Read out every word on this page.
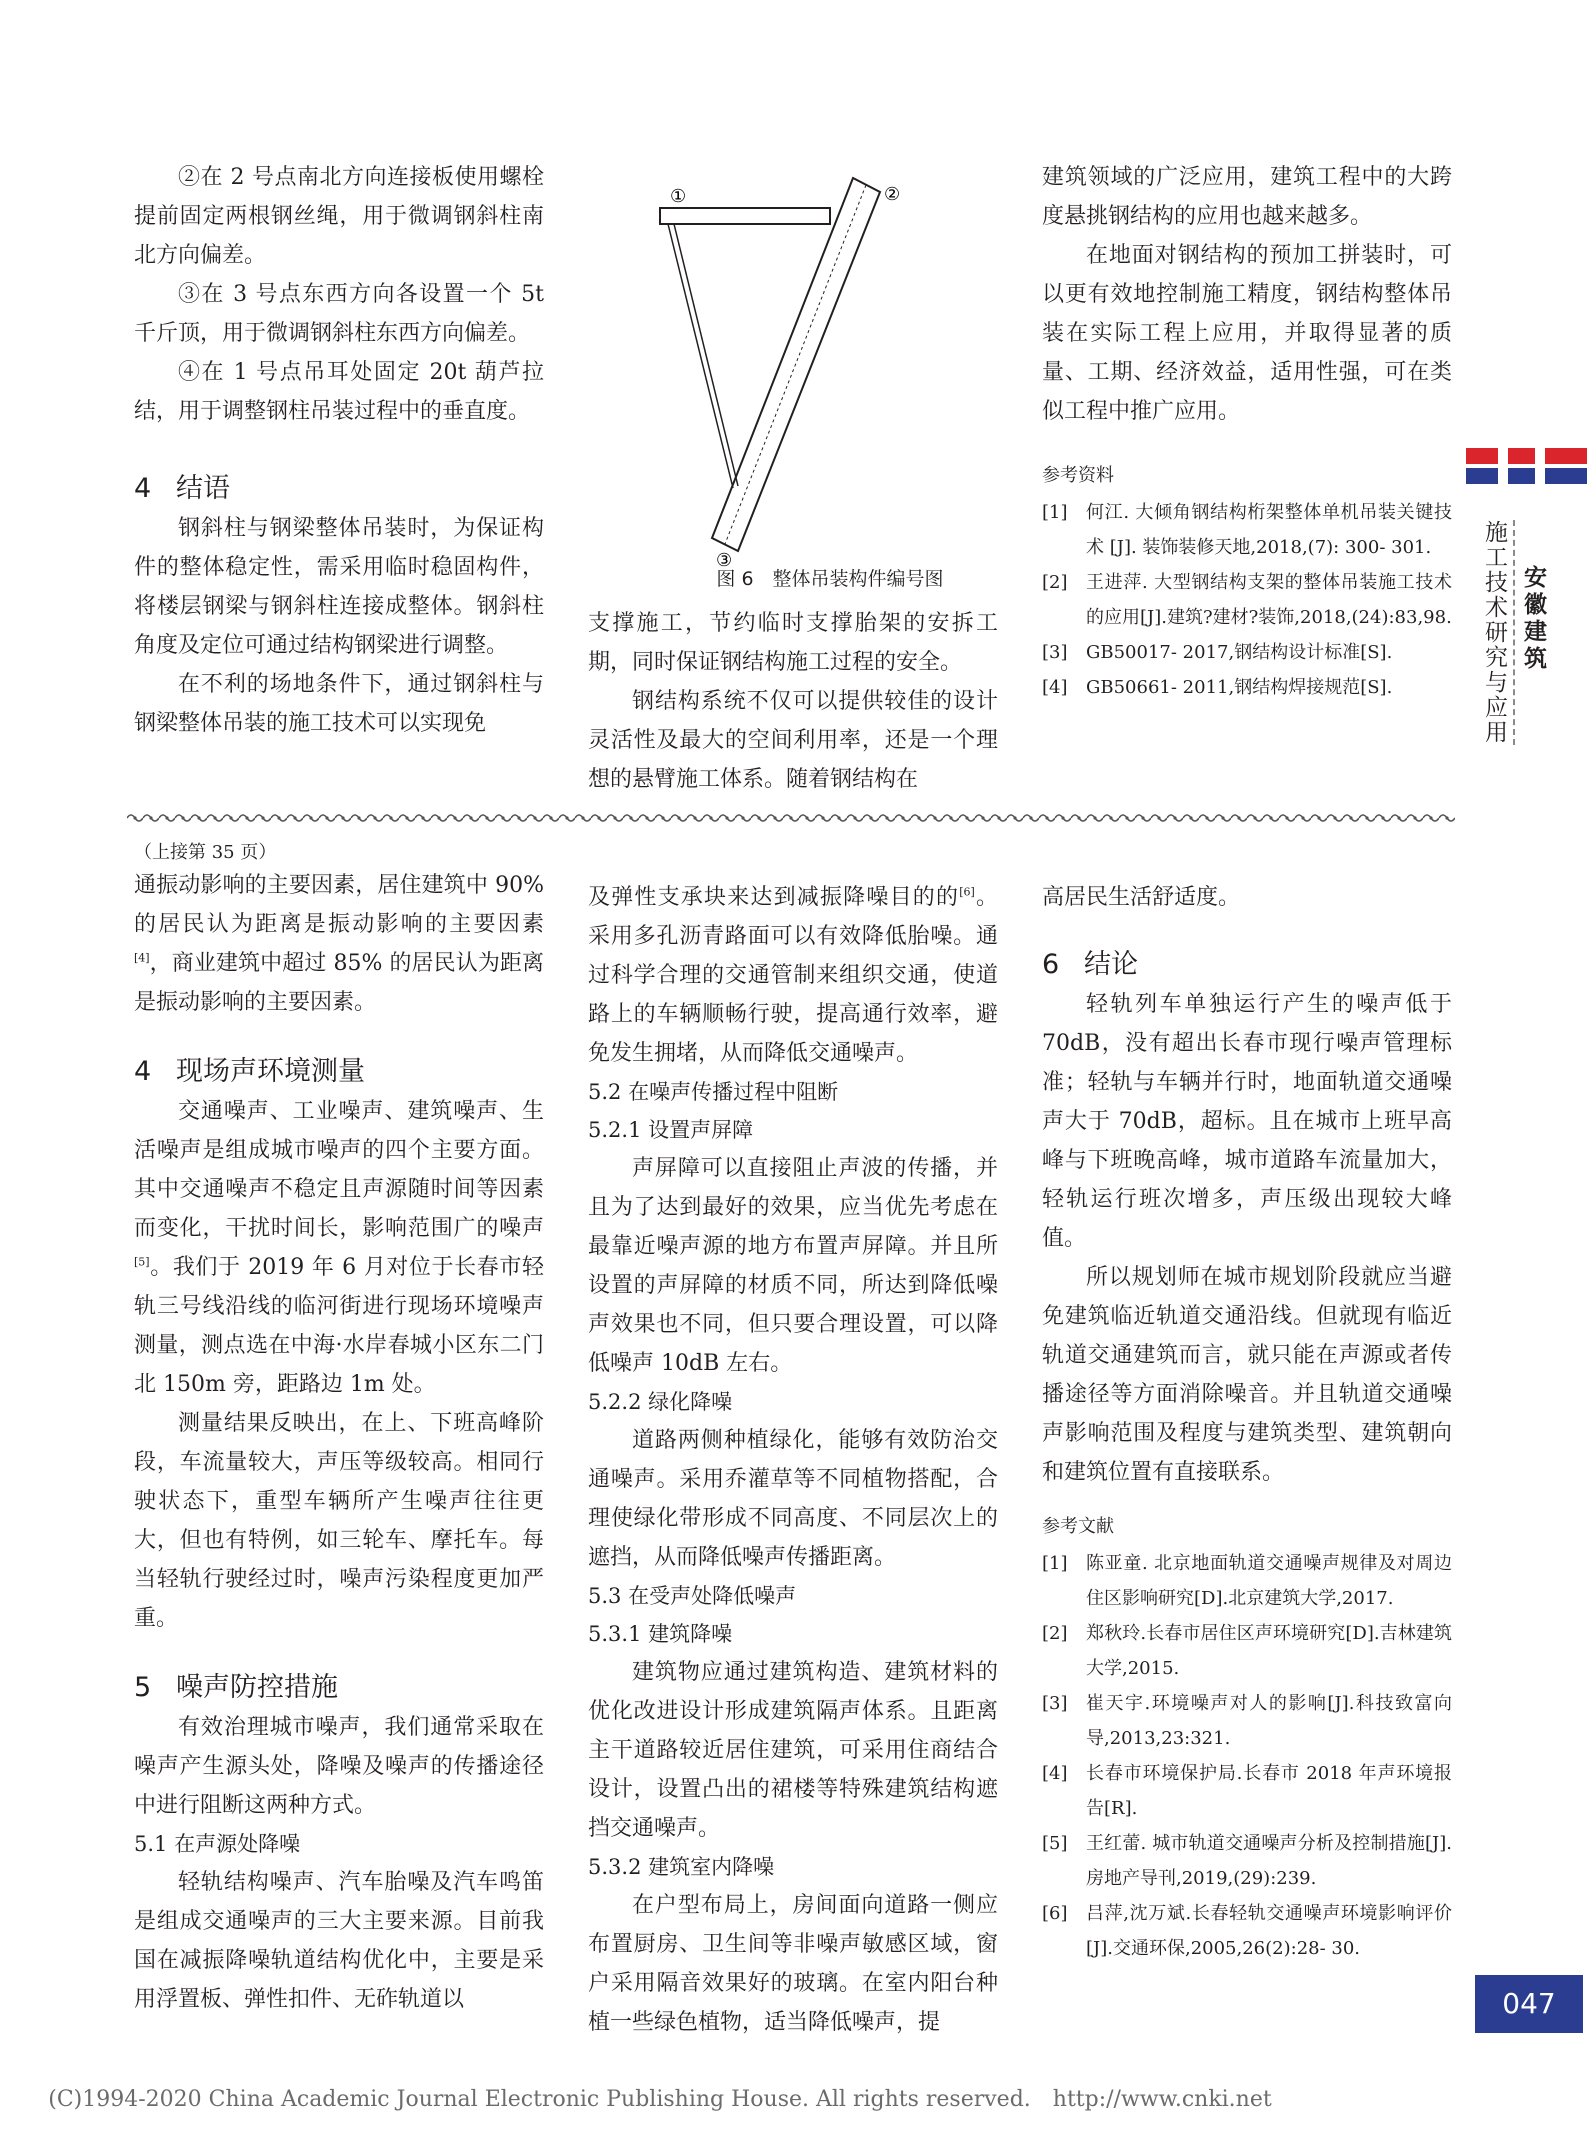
②在 2 号点南北方向连接板使用螺栓提前固定两根钢丝绳，用于微调钢斜柱南北方向偏差。

③在 3 号点东西方向各设置一个 5t 千斤顶，用于微调钢斜柱东西方向偏差。

④在 1 号点吊耳处固定 20t 葫芦拉结，用于调整钢柱吊装过程中的垂直度。

4 结语

钢斜柱与钢梁整体吊装时，为保证构件的整体稳定性，需采用临时稳固构件，将楼层钢梁与钢斜柱连接成整体。钢斜柱角度及定位可通过结构钢梁进行调整。

在不利的场地条件下，通过钢斜柱与钢梁整体吊装的施工技术可以实现免

①	②
③
图 6　整体吊装构件编号图

支撑施工，节约临时支撑胎架的安拆工期，同时保证钢结构施工过程的安全。

钢结构系统不仅可以提供较佳的设计灵活性及最大的空间利用率，还是一个理想的悬臂施工体系。随着钢结构在

建筑领域的广泛应用，建筑工程中的大跨度悬挑钢结构的应用也越来越多。

在地面对钢结构的预加工拼装时，可以更有效地控制施工精度，钢结构整体吊装在实际工程上应用，并取得显著的质量、工期、经济效益，适用性强，可在类似工程中推广应用。

参考资料
[1]	何江. 大倾角钢结构桁架整体单机吊装关键技术 [J]. 装饰装修天地,2018,(7): 300- 301.
[2]	王进萍. 大型钢结构支架的整体吊装施工技术的应用[J].建筑?建材?装饰,2018,(24):83,98.
[3]	GB50017- 2017,钢结构设计标准[S].
[4]	GB50661- 2011,钢结构焊接规范[S].	施工技术研究与应用 安徽建筑
（上接第 35 页）

通振动影响的主要因素，居住建筑中 90% 的居民认为距离是振动影响的主要因素[4]，商业建筑中超过 85% 的居民认为距离是振动影响的主要因素。

4 现场声环境测量

交通噪声、工业噪声、建筑噪声、生活噪声是组成城市噪声的四个主要方面。其中交通噪声不稳定且声源随时间等因素而变化，干扰时间长，影响范围广的噪声[5]。我们于 2019 年 6 月对位于长春市轻轨三号线沿线的临河街进行现场环境噪声测量，测点选在中海·水岸春城小区东二门北 150m 旁，距路边 1m 处。

测量结果反映出，在上、下班高峰阶段，车流量较大，声压等级较高。相同行驶状态下，重型车辆所产生噪声往往更大，但也有特例，如三轮车、摩托车。每当轻轨行驶经过时，噪声污染程度更加严重。

5 噪声防控措施

有效治理城市噪声，我们通常采取在噪声产生源头处，降噪及噪声的传播途径中进行阻断这两种方式。

5.1 在声源处降噪

轻轨结构噪声、汽车胎噪及汽车鸣笛是组成交通噪声的三大主要来源。目前我国在减振降噪轨道结构优化中，主要是采用浮置板、弹性扣件、无砟轨道以

及弹性支承块来达到减振降噪目的的[6]。采用多孔沥青路面可以有效降低胎噪。通过科学合理的交通管制来组织交通，使道路上的车辆顺畅行驶，提高通行效率，避免发生拥堵，从而降低交通噪声。

5.2 在噪声传播过程中阻断
5.2.1 设置声屏障

声屏障可以直接阻止声波的传播，并且为了达到最好的效果，应当优先考虑在最靠近噪声源的地方布置声屏障。并且所设置的声屏障的材质不同，所达到降低噪声效果也不同，但只要合理设置，可以降低噪声 10dB 左右。

5.2.2 绿化降噪

道路两侧种植绿化，能够有效防治交通噪声。采用乔灌草等不同植物搭配，合理使绿化带形成不同高度、不同层次上的遮挡，从而降低噪声传播距离。

5.3 在受声处降低噪声
5.3.1 建筑降噪

建筑物应通过建筑构造、建筑材料的优化改进设计形成建筑隔声体系。且距离主干道路较近居住建筑，可采用住商结合设计，设置凸出的裙楼等特殊建筑结构遮挡交通噪声。

5.3.2 建筑室内降噪

在户型布局上，房间面向道路一侧应布置厨房、卫生间等非噪声敏感区域，窗户采用隔音效果好的玻璃。在室内阳台种植一些绿色植物，适当降低噪声，提

高居民生活舒适度。

6 结论

轻轨列车单独运行产生的噪声低于 70dB，没有超出长春市现行噪声管理标准；轻轨与车辆并行时，地面轨道交通噪声大于 70dB，超标。且在城市上班早高峰与下班晚高峰，城市道路车流量加大，轻轨运行班次增多，声压级出现较大峰值。

所以规划师在城市规划阶段就应当避免建筑临近轨道交通沿线。但就现有临近轨道交通建筑而言，就只能在声源或者传播途径等方面消除噪音。并且轨道交通噪声影响范围及程度与建筑类型、建筑朝向和建筑位置有直接联系。

参考文献
[1]	陈亚童. 北京地面轨道交通噪声规律及对周边住区影响研究[D].北京建筑大学,2017.
[2]	郑秋玲.长春市居住区声环境研究[D].吉林建筑大学,2015.
[3]	崔天宇.环境噪声对人的影响[J].科技致富向导,2013,23:321.
[4]	长春市环境保护局.长春市 2018 年声环境报告[R].
[5]	王红蕾. 城市轨道交通噪声分析及控制措施[J].房地产导刊,2019,(29):239.
[6]	吕萍,沈万斌.长春轻轨交通噪声环境影响评价[J].交通环保,2005,26(2):28- 30.
047
(C)1994-2020 China Academic Journal Electronic Publishing House. All rights reserved.　http://www.cnki.net
